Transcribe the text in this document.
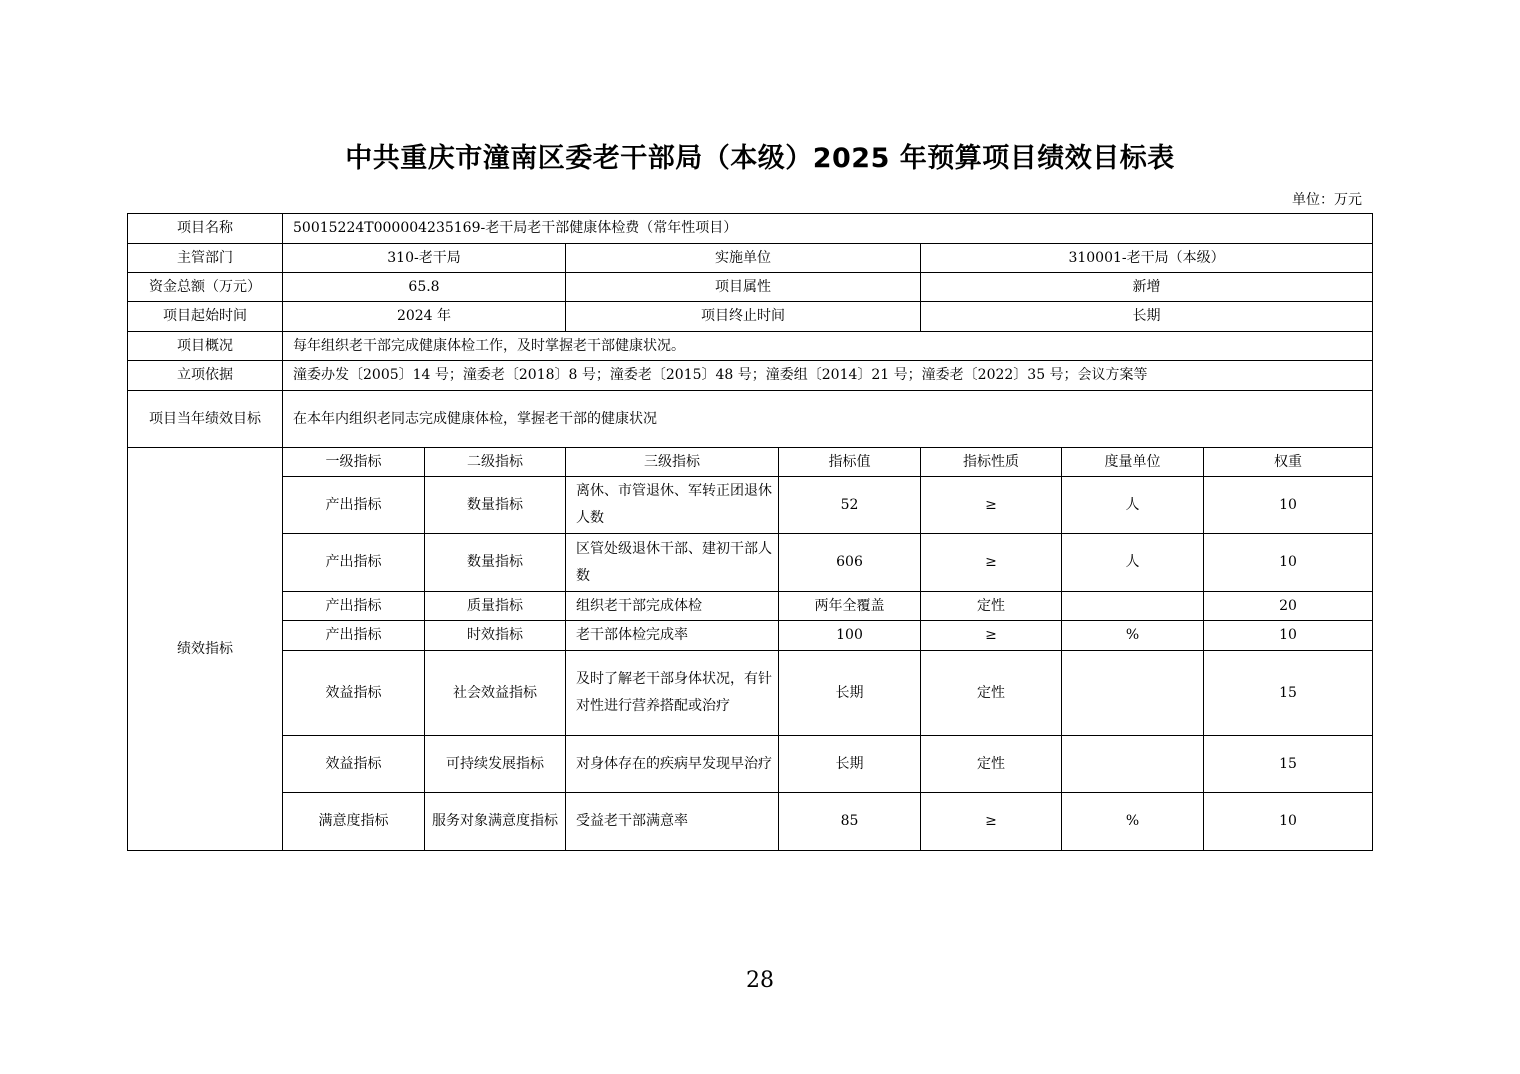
中共重庆市潼南区委老干部局（本级）2025 年预算项目绩效目标表
单位：万元
项目名称	50015224T000004235169-老干局老干部健康体检费（常年性项目）						
主管部门	310-老干局		实施单位		310001-老干局（本级）		
资金总额（万元）	65.8		项目属性		新增		
项目起始时间	2024 年		项目终止时间		长期		
项目概况	每年组织老干部完成健康体检工作，及时掌握老干部健康状况。						
立项依据	潼委办发〔2005〕14 号；潼委老〔2018〕8 号；潼委老〔2015〕48 号；潼委组〔2014〕21 号；潼委老〔2022〕35 号；会议方案等						
项目当年绩效目标	在本年内组织老同志完成健康体检，掌握老干部的健康状况						
绩效指标	一级指标	二级指标	三级指标	指标值	指标性质	度量单位	权重
	产出指标	数量指标	离休、市管退休、军转正团退休人数	52	≥	人	10
	产出指标	数量指标	区管处级退休干部、建初干部人数	606	≥	人	10
	产出指标	质量指标	组织老干部完成体检	两年全覆盖	定性		20
	产出指标	时效指标	老干部体检完成率	100	≥	%	10
	效益指标	社会效益指标	及时了解老干部身体状况，有针对性进行营养搭配或治疗	长期	定性		15
	效益指标	可持续发展指标	对身体存在的疾病早发现早治疗	长期	定性		15
	满意度指标	服务对象满意度指标	受益老干部满意率	85	≥	%	10
28
